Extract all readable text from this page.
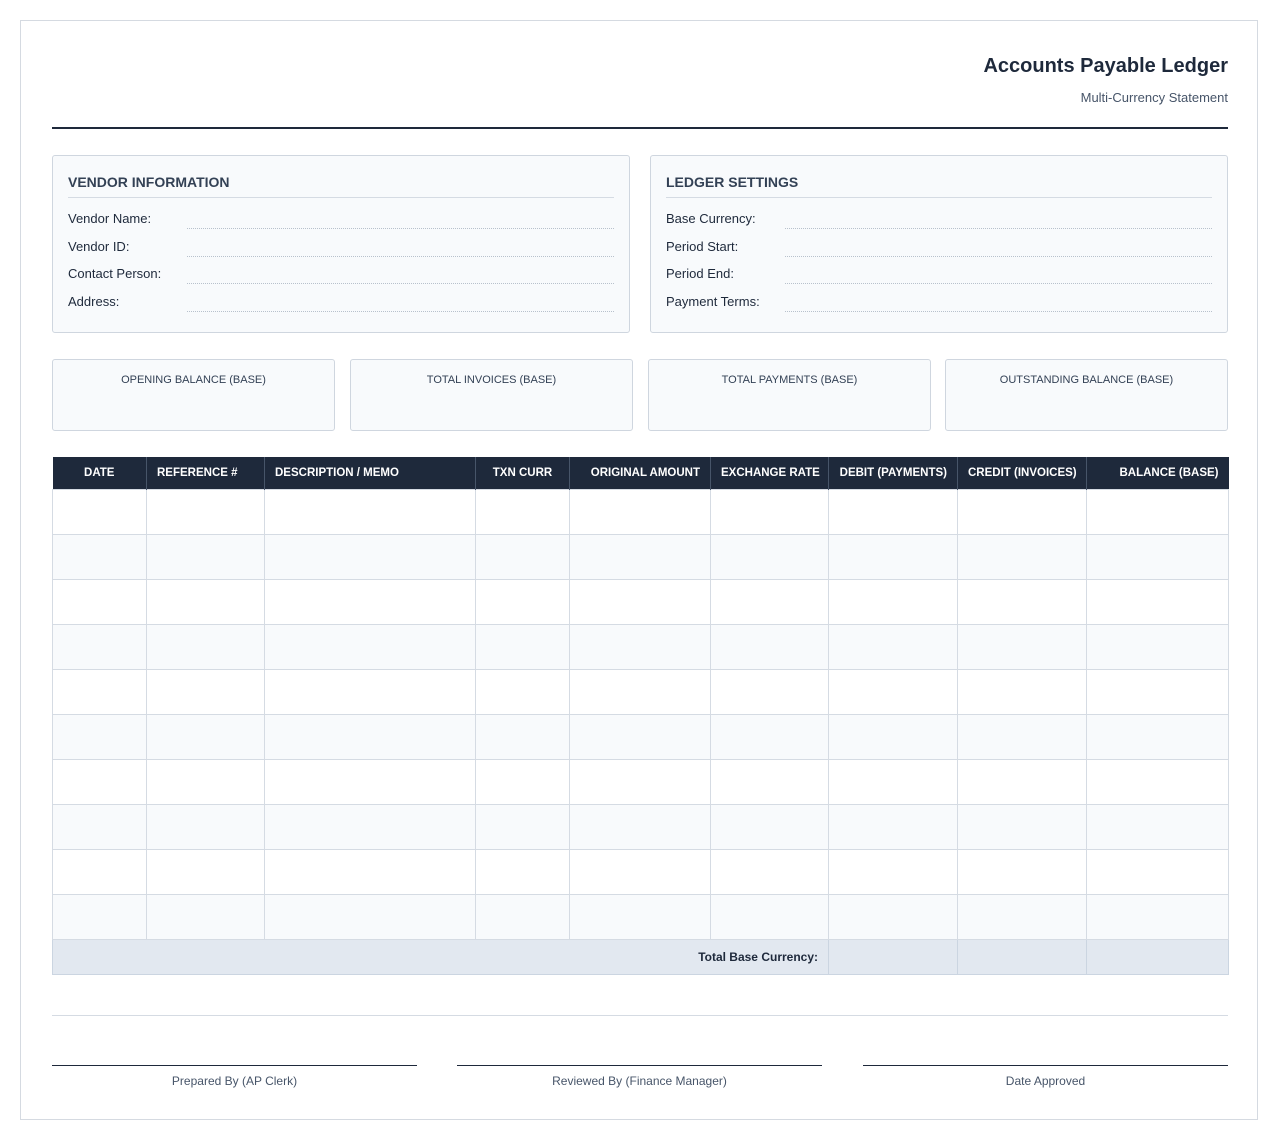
Accounts Payable Ledger
Multi-Currency Statement
VENDOR INFORMATION
Vendor Name:
Vendor ID:
Contact Person:
Address:
LEDGER SETTINGS
Base Currency:
Period Start:
Period End:
Payment Terms:
OPENING BALANCE (BASE)	TOTAL INVOICES (BASE)	TOTAL PAYMENTS (BASE)	OUTSTANDING BALANCE (BASE)
DATE	REFERENCE #	DESCRIPTION / MEMO	TXN CURR	ORIGINAL AMOUNT	EXCHANGE RATE	DEBIT (PAYMENTS)	CREDIT (INVOICES)	BALANCE (BASE)

Total Base Currency:								
Prepared By (AP Clerk)	Reviewed By (Finance Manager)	Date Approved
